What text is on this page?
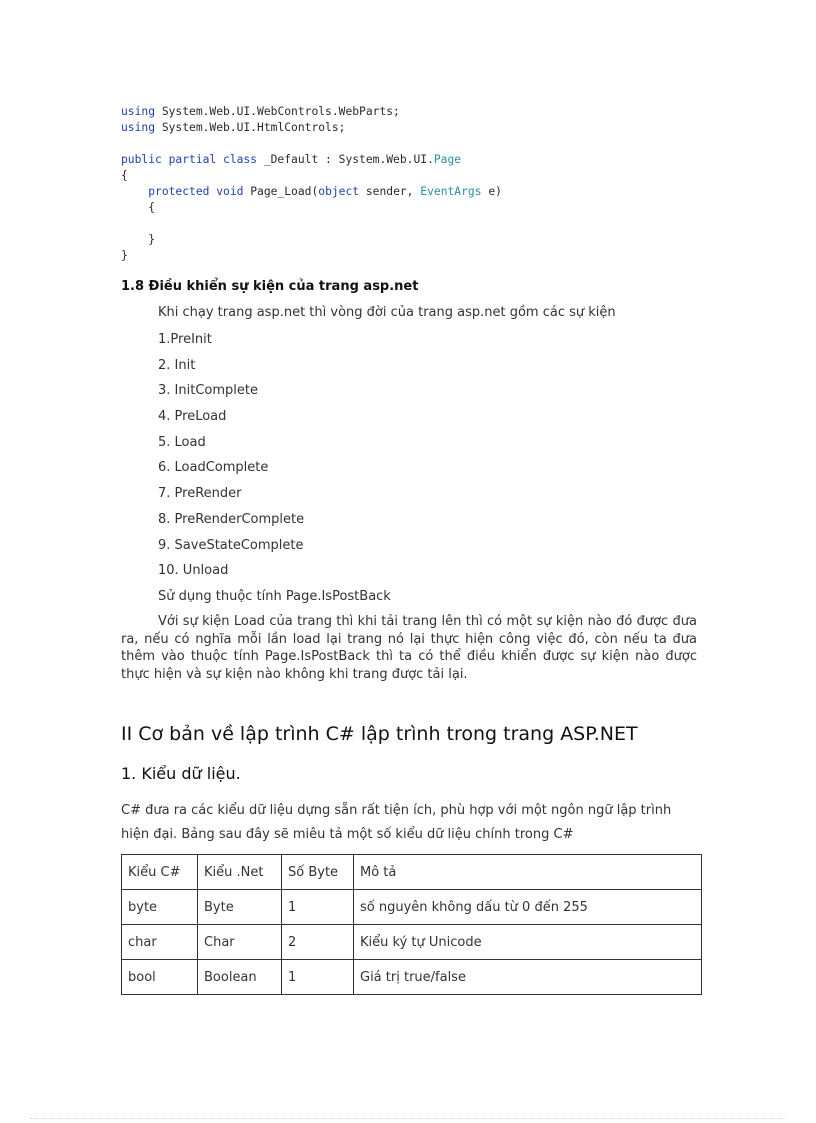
using System.Web.UI.WebControls.WebParts;
using System.Web.UI.HtmlControls;
public partial class _Default : System.Web.UI.Page
{
protected void Page_Load(object sender, EventArgs e)
{
}
}
1.8 Điều khiển sự kiện của trang asp.net

Khi chạy trang asp.net thì vòng đời của trang asp.net gồm các sự kiện

1.PreInit
2. Init
3. InitComplete
4. PreLoad
5. Load
6. LoadComplete
7. PreRender
8. PreRenderComplete
9. SaveStateComplete
10. Unload

Sử dụng thuộc tính Page.IsPostBack

Với sự kiện Load của trang thì khi tải trang lên thì có một sự kiện nào đó được đưa ra, nếu có nghĩa mỗi lần load lại trang nó lại thực hiện công việc đó, còn nếu ta đưa thêm vào thuộc tính Page.IsPostBack thì ta có thể điều khiển được sự kiện nào được thực hiện và sự kiện nào không khi trang được tải lại.

II Cơ bản về lập trình C# lập trình trong trang ASP.NET
1. Kiểu dữ liệu.

C# đưa ra các kiểu dữ liệu dựng sẵn rất tiện ích, phù hợp với một ngôn ngữ lập trình hiện đại. Bảng sau đây sẽ miêu tả một số kiểu dữ liệu chính trong C#

Kiểu C#	Kiểu .Net	Số Byte	Mô tả
byte	Byte	1	số nguyên không dấu từ 0 đến 255
char	Char	2	Kiểu ký tự Unicode
bool	Boolean	1	Giá trị true/false
